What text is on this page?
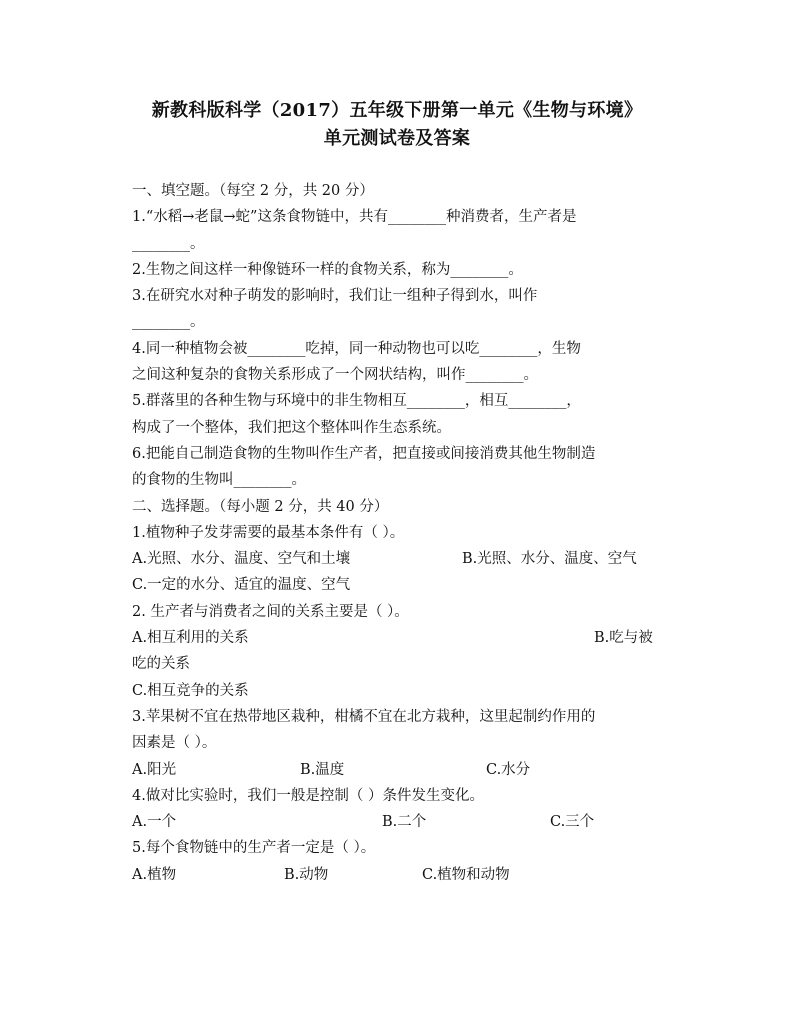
新教科版科学（2017）五年级下册第一单元《生物与环境》
单元测试卷及答案
一、填空题。（每空 2 分，共 20 分）
1.“水稻→老鼠→蛇”这条食物链中，共有________种消费者，生产者是
________。
2.生物之间这样一种像链环一样的食物关系，称为________。
3.在研究水对种子萌发的影响时，我们让一组种子得到水，叫作
________。
4.同一种植物会被________吃掉，同一种动物也可以吃________，生物
之间这种复杂的食物关系形成了一个网状结构，叫作________。
5.群落里的各种生物与环境中的非生物相互________，相互________，
构成了一个整体，我们把这个整体叫作生态系统。
6.把能自己制造食物的生物叫作生产者，把直接或间接消费其他生物制造
的食物的生物叫________。
二、选择题。（每小题 2 分，共 40 分）
1.植物种子发芽需要的最基本条件有（ ）。
A.光照、水分、温度、空气和土壤	B.光照、水分、温度、空气
C.一定的水分、适宜的温度、空气
2. 生产者与消费者之间的关系主要是（ ）。
A.相互利用的关系	B.吃与被
吃的关系
C.相互竞争的关系
3.苹果树不宜在热带地区栽种，柑橘不宜在北方栽种，这里起制约作用的
因素是（ ）。
A.阳光	B.温度	C.水分
4.做对比实验时，我们一般是控制（ ）条件发生变化。
A.一个	B.二个	C.三个
5.每个食物链中的生产者一定是（ ）。
A.植物	B.动物	C.植物和动物
